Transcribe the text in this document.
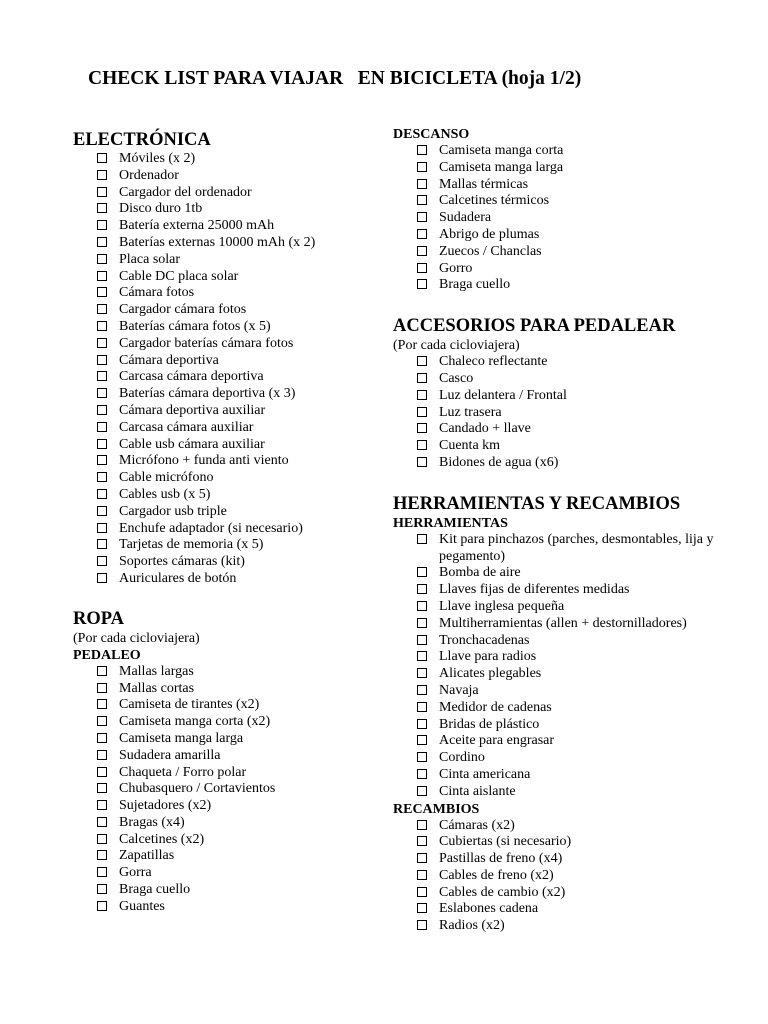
CHECK LIST PARA VIAJAR   EN BICICLETA (hoja 1/2)
ELECTRÓNICA
Móviles (x 2)
Ordenador
Cargador del ordenador
Disco duro 1tb
Batería externa 25000 mAh
Baterías externas 10000 mAh (x 2)
Placa solar
Cable DC placa solar
Cámara fotos
Cargador cámara fotos
Baterías cámara fotos (x 5)
Cargador baterías cámara fotos
Cámara deportiva
Carcasa cámara deportiva
Baterías cámara deportiva (x 3)
Cámara deportiva auxiliar
Carcasa cámara auxiliar
Cable usb cámara auxiliar
Micrófono + funda anti viento
Cable micrófono
Cables usb (x 5)
Cargador usb triple
Enchufe adaptador (si necesario)
Tarjetas de memoria (x 5)
Soportes cámaras (kit)
Auriculares de botón
ROPA
(Por cada cicloviajera)
PEDALEO
Mallas largas
Mallas cortas
Camiseta de tirantes (x2)
Camiseta manga corta (x2)
Camiseta manga larga
Sudadera amarilla
Chaqueta / Forro polar
Chubasquero / Cortavientos
Sujetadores (x2)
Bragas (x4)
Calcetines (x2)
Zapatillas
Gorra
Braga cuello
Guantes
DESCANSO
Camiseta manga corta
Camiseta manga larga
Mallas térmicas
Calcetines térmicos
Sudadera
Abrigo de plumas
Zuecos / Chanclas
Gorro
Braga cuello
ACCESORIOS PARA PEDALEAR
(Por cada cicloviajera)
Chaleco reflectante
Casco
Luz delantera / Frontal
Luz trasera
Candado + llave
Cuenta km
Bidones de agua (x6)
HERRAMIENTAS Y RECAMBIOS
HERRAMIENTAS
Kit para pinchazos (parches, desmontables, lija y pegamento)
Bomba de aire
Llaves fijas de diferentes medidas
Llave inglesa pequeña
Multiherramientas (allen + destornilladores)
Tronchacadenas
Llave para radios
Alicates plegables
Navaja
Medidor de cadenas
Bridas de plástico
Aceite para engrasar
Cordino
Cinta americana
Cinta aislante
RECAMBIOS
Cámaras (x2)
Cubiertas (si necesario)
Pastillas de freno (x4)
Cables de freno (x2)
Cables de cambio (x2)
Eslabones cadena
Radios (x2)
